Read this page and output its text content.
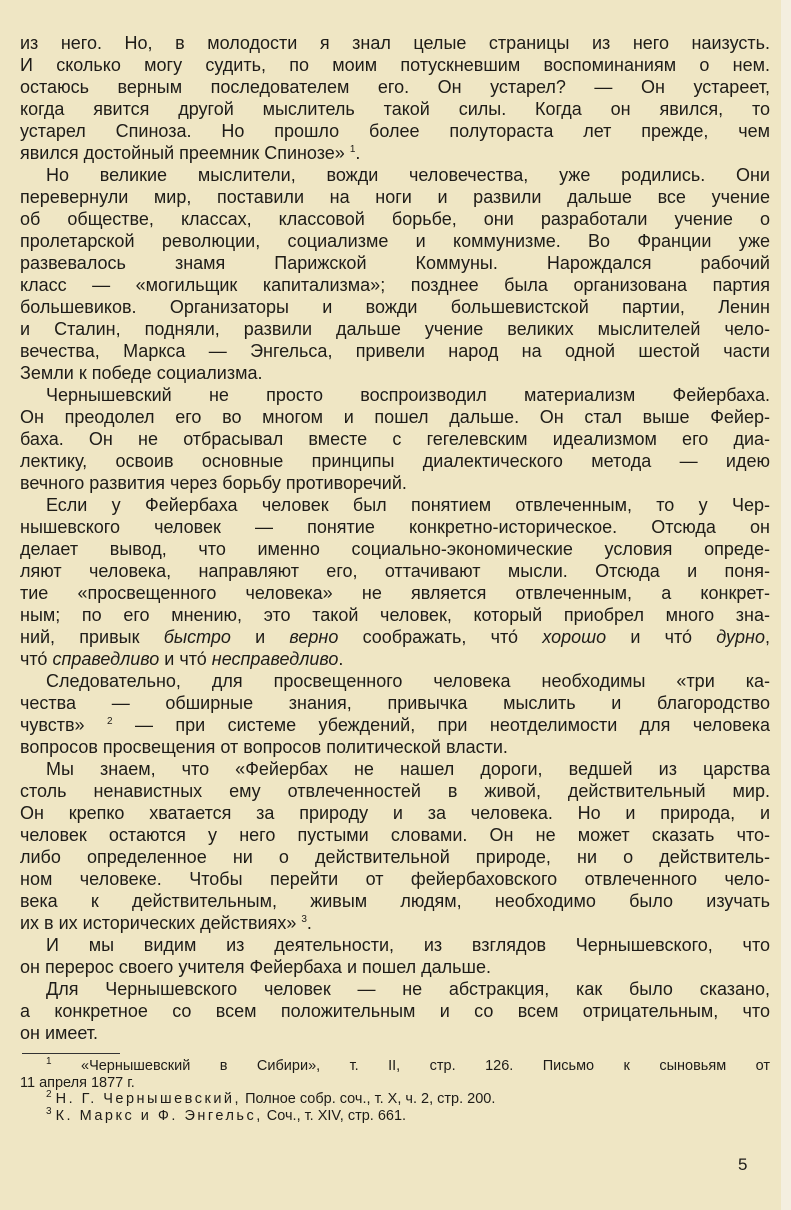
из него. Но, в молодости я знал целые страницы из него наизусть.
И сколько могу судить, по моим потускневшим воспоминаниям о нем.
остаюсь верным последователем его. Он устарел? — Он устареет,
когда явится другой мыслитель такой силы. Когда он явился, то
устарел Спиноза. Но прошло более полутораста лет прежде, чем
явился достойный преемник Спинозе» $^1$.
Но великие мыслители, вожди человечества, уже родились. Они
перевернули мир, поставили на ноги и развили дальше все учение
об обществе, классах, классовой борьбе, они разработали учение о
пролетарской революции, социализме и коммунизме. Во Франции уже
развевалось знамя Парижской Коммуны. Нарождался рабочий
класс — «могильщик капитализма»; позднее была организована партия
большевиков. Организаторы и вожди большевистской партии, Ленин
и Сталин, подняли, развили дальше учение великих мыслителей чело-
вечества, Маркса — Энгельса, привели народ на одной шестой части
Земли к победе социализма.
Чернышевский не просто воспроизводил материализм Фейербаха.
Он преодолел его во многом и пошел дальше. Он стал выше Фейер-
баха. Он не отбрасывал вместе с гегелевским идеализмом его диа-
лектику, освоив основные принципы диалектического метода — идею
вечного развития через борьбу противоречий.
Если у Фейербаха человек был понятием отвлеченным, то у Чер-
нышевского человек — понятие конкретно-историческое. Отсюда он
делает вывод, что именно социально-экономические условия опреде-
ляют человека, направляют его, оттачивают мысли. Отсюда и поня-
тие «просвещенного человека» не является отвлеченным, а конкрет-
ным; по его мнению, это такой человек, который приобрел много зна-
ний, привык быстро и верно соображать, что́ хорошо и что́ дурно,
что́ справедливо и что́ несправедливо.
Следовательно, для просвещенного человека необходимы «три ка-
чества — обширные знания, привычка мыслить и благородство
чувств» $^2$ — при системе убеждений, при неотделимости для человека
вопросов просвещения от вопросов политической власти.
Мы знаем, что «Фейербах не нашел дороги, ведшей из царства
столь ненавистных ему отвлеченностей в живой, действительный мир.
Он крепко хватается за природу и за человека. Но и природа, и
человек остаются у него пустыми словами. Он не может сказать что-
либо определенное ни о действительной природе, ни о действитель-
ном человеке. Чтобы перейти от фейербаховского отвлеченного чело-
века к действительным, живым людям, необходимо было изучать
их в их исторических действиях» $^3$.
И мы видим из деятельности, из взглядов Чернышевского, что
он перерос своего учителя Фейербаха и пошел дальше.
Для Чернышевского человек — не абстракция, как было сказано,
а конкретное со всем положительным и со всем отрицательным, что
он имеет.
$^1$ «Чернышевский в Сибири», т. II, стр. 126. Письмо к сыновьям от
11 апреля 1877 г.
$^2$ Н. Г. Чернышевский, Полное собр. соч., т. X, ч. 2, стр. 200.
$^3$ К. Маркс и Ф. Энгельс, Соч., т. XIV, стр. 661.
5
